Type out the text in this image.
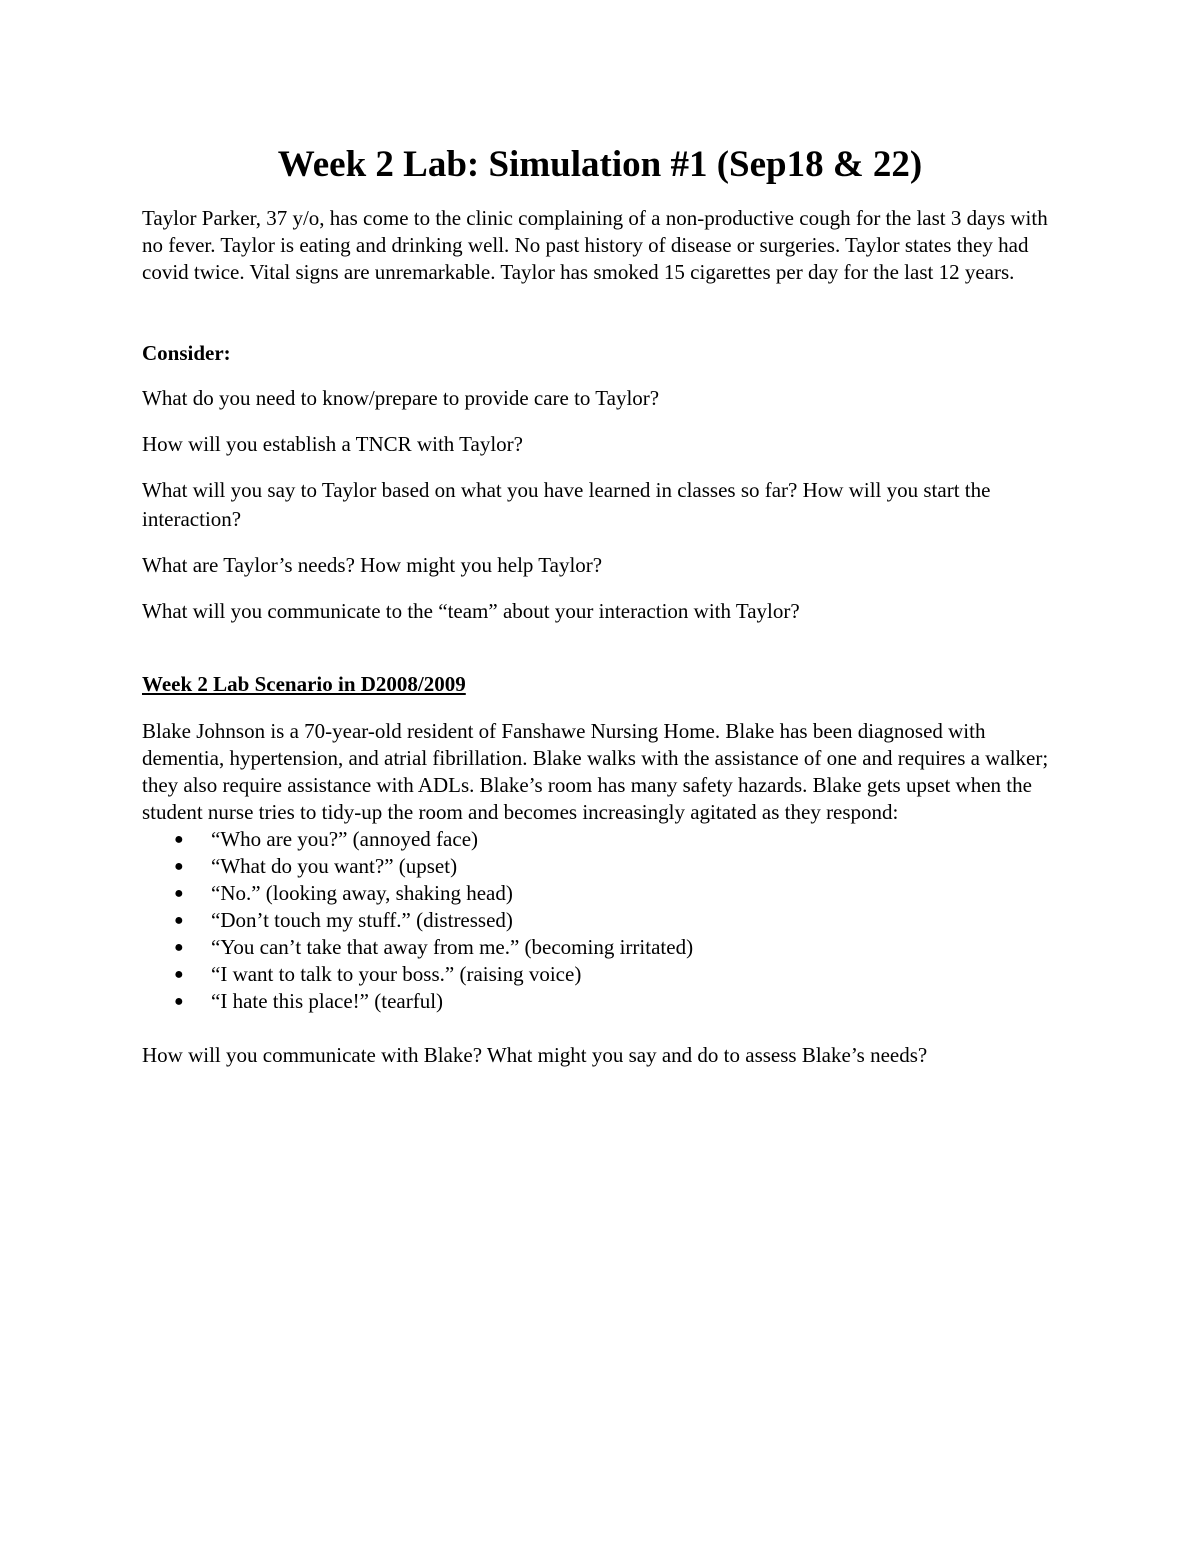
Week 2 Lab: Simulation #1 (Sep18 & 22)

Taylor Parker, 37 y/o, has come to the clinic complaining of a non-productive cough for the last 3 days with no fever. Taylor is eating and drinking well. No past history of disease or surgeries. Taylor states they had covid twice. Vital signs are unremarkable. Taylor has smoked 15 cigarettes per day for the last 12 years.

Consider:

What do you need to know/prepare to provide care to Taylor?

How will you establish a TNCR with Taylor?

What will you say to Taylor based on what you have learned in classes so far? How will you start the interaction?

What are Taylor’s needs? How might you help Taylor?

What will you communicate to the “team” about your interaction with Taylor?

Week 2 Lab Scenario in D2008/2009

Blake Johnson is a 70-year-old resident of Fanshawe Nursing Home. Blake has been diagnosed with dementia, hypertension, and atrial fibrillation. Blake walks with the assistance of one and requires a walker; they also require assistance with ADLs. Blake’s room has many safety hazards. Blake gets upset when the student nurse tries to tidy-up the room and becomes increasingly agitated as they respond:

● “Who are you?” (annoyed face)
● “What do you want?” (upset)
● “No.” (looking away, shaking head)
● “Don’t touch my stuff.” (distressed)
● “You can’t take that away from me.” (becoming irritated)
● “I want to talk to your boss.” (raising voice)
● “I hate this place!” (tearful)

How will you communicate with Blake? What might you say and do to assess Blake’s needs?
